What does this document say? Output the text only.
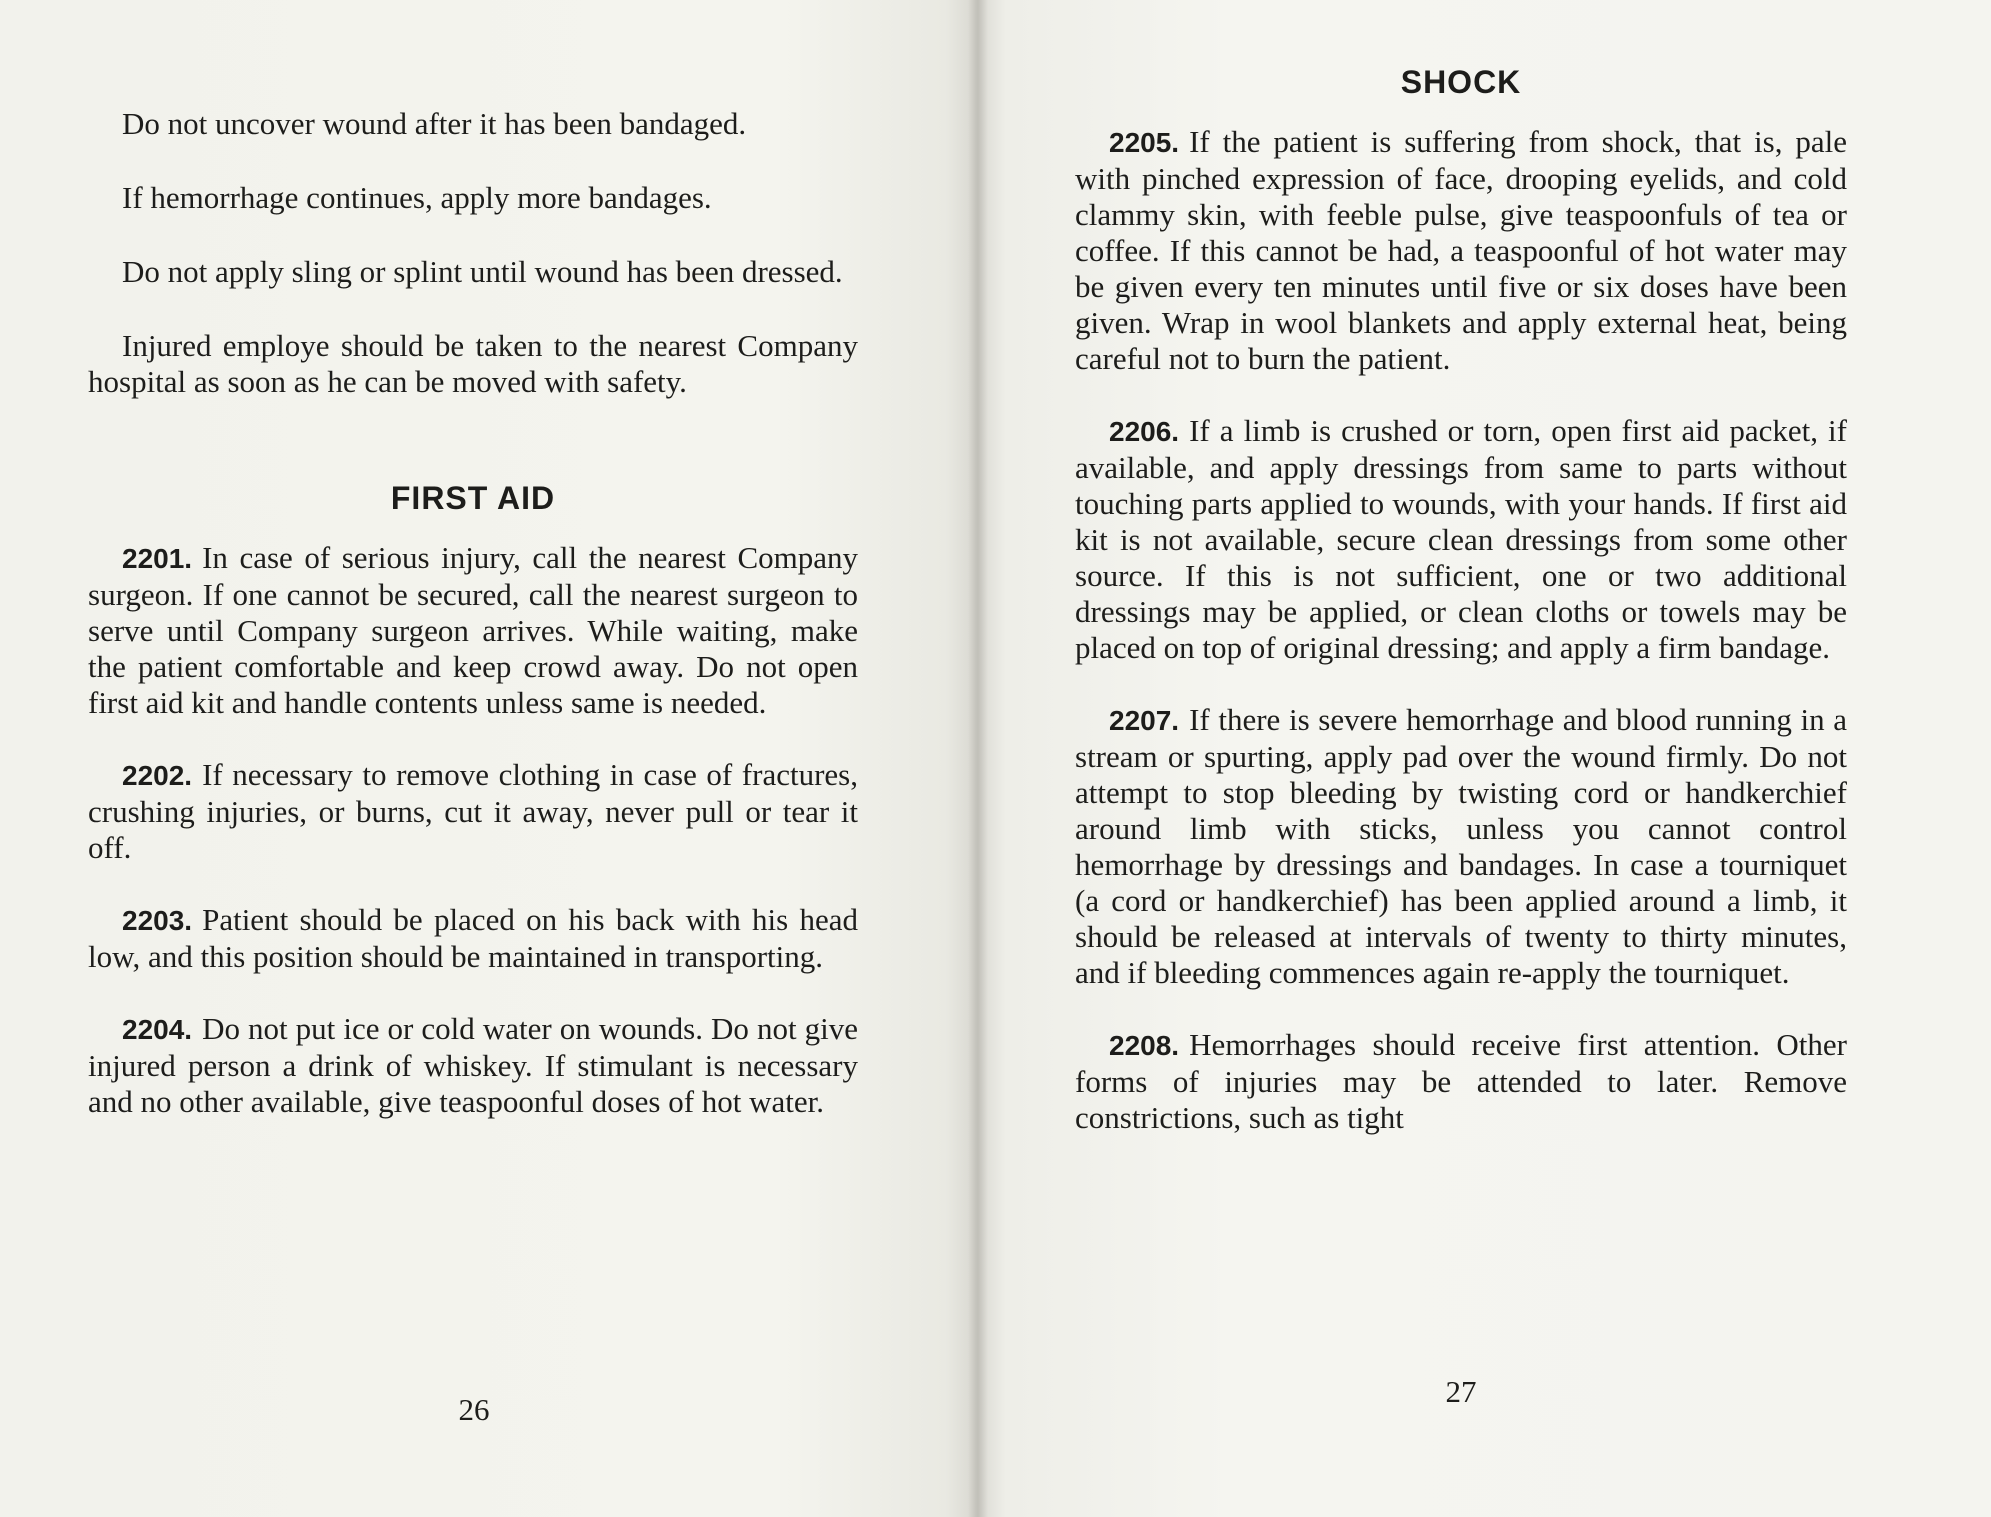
Do not uncover wound after it has been bandaged.

If hemorrhage continues, apply more bandages.

Do not apply sling or splint until wound has been dressed.

Injured employe should be taken to the nearest Company hospital as soon as he can be moved with safety.

FIRST AID

2201. In case of serious injury, call the nearest Company surgeon. If one cannot be secured, call the nearest surgeon to serve until Company surgeon arrives. While waiting, make the patient comfortable and keep crowd away. Do not open first aid kit and handle contents unless same is needed.

2202. If necessary to remove clothing in case of fractures, crushing injuries, or burns, cut it away, never pull or tear it off.

2203. Patient should be placed on his back with his head low, and this position should be maintained in transporting.

2204. Do not put ice or cold water on wounds. Do not give injured person a drink of whiskey. If stimulant is necessary and no other available, give teaspoonful doses of hot water.

26
SHOCK

2205. If the patient is suffering from shock, that is, pale with pinched expression of face, drooping eyelids, and cold clammy skin, with feeble pulse, give teaspoonfuls of tea or coffee. If this cannot be had, a teaspoonful of hot water may be given every ten minutes until five or six doses have been given. Wrap in wool blankets and apply external heat, being careful not to burn the patient.

2206. If a limb is crushed or torn, open first aid packet, if available, and apply dressings from same to parts without touching parts applied to wounds, with your hands. If first aid kit is not available, secure clean dressings from some other source. If this is not sufficient, one or two additional dressings may be applied, or clean cloths or towels may be placed on top of original dressing; and apply a firm bandage.

2207. If there is severe hemorrhage and blood running in a stream or spurting, apply pad over the wound firmly. Do not attempt to stop bleeding by twisting cord or handkerchief around limb with sticks, unless you cannot control hemorrhage by dressings and bandages. In case a tourniquet (a cord or handkerchief) has been applied around a limb, it should be released at intervals of twenty to thirty minutes, and if bleeding commences again re-apply the tourniquet.

2208. Hemorrhages should receive first attention. Other forms of injuries may be attended to later. Remove constrictions, such as tight

27
